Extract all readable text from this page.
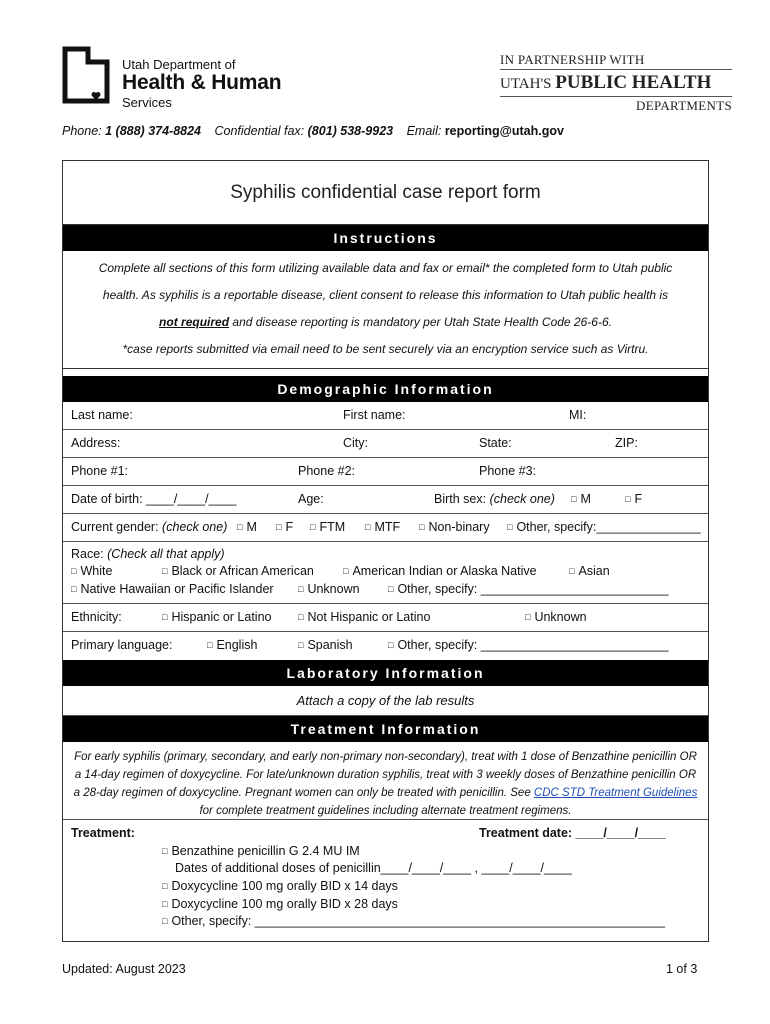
Utah Department of
Health & Human
Services
IN PARTNERSHIP WITH
UTAH'S PUBLIC HEALTH
DEPARTMENTS
Phone: 1 (888) 374-8824 Confidential fax: (801) 538-9923 Email: reporting@utah.gov
Syphilis confidential case report form
Instructions
Complete all sections of this form utilizing available data and fax or email* the completed form to Utah public
health. As syphilis is a reportable disease, client consent to release this information to Utah public health is
not required and disease reporting is mandatory per Utah State Health Code 26-6-6.
*case reports submitted via email need to be sent securely via an encryption service such as Virtru.
Demographic Information
Last name:	First name:	MI:
Address:	City:	State:	ZIP:
Phone #1:	Phone #2:	Phone #3:
Date of birth: ____/____/____	Age:	Birth sex: (check one)	□ M	□ F
Current gender: (check one)	□ M	□ F	□ FTM	□ MTF	□ Non-binary	□ Other, specify:_______________
Race: (Check all that apply)
□ White	□ Black or African American	□ American Indian or Alaska Native	□ Asian
□ Native Hawaiian or Pacific Islander	□ Unknown	□ Other, specify: ___________________________
Ethnicity:	□ Hispanic or Latino	□ Not Hispanic or Latino	□ Unknown
Primary language:	□ English	□ Spanish	□ Other, specify: ___________________________
Laboratory Information
Attach a copy of the lab results
Treatment Information
For early syphilis (primary, secondary, and early non-primary non-secondary), treat with 1 dose of Benzathine penicillin OR a 14-day regimen of doxycycline. For late/unknown duration syphilis, treat with 3 weekly doses of Benzathine penicillin OR a 28-day regimen of doxycycline. Pregnant women can only be treated with penicillin. See CDC STD Treatment Guidelines for complete treatment guidelines including alternate treatment regimens.
Treatment:	Treatment date: ____/____/____
□ Benzathine penicillin G 2.4 MU IM
Dates of additional doses of penicillin____/____/____ , ____/____/____
□ Doxycycline 100 mg orally BID x 14 days
□ Doxycycline 100 mg orally BID x 28 days
□ Other, specify: ___________________________________________________________
Updated: August 2023	1 of 3
